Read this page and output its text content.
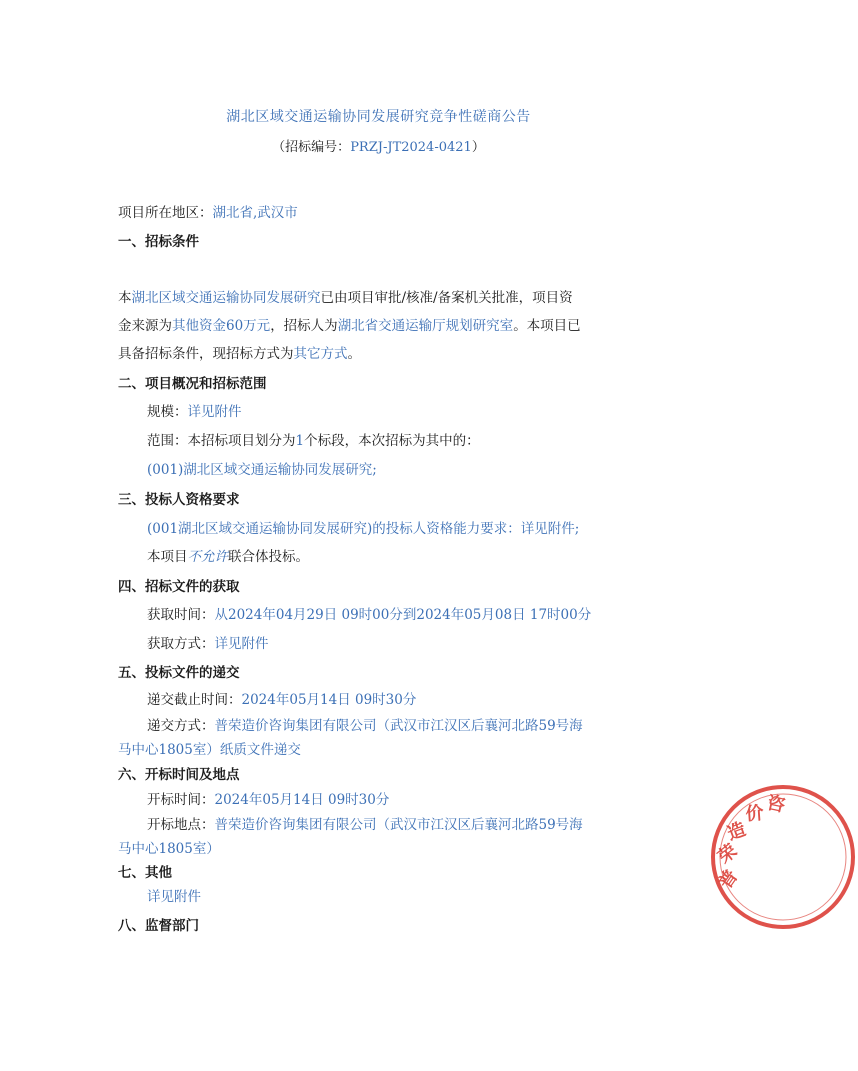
湖北区域交通运输协同发展研究竞争性磋商公告
（招标编号：PRZJ-JT2024-0421）
项目所在地区：湖北省,武汉市
一、招标条件
本湖北区域交通运输协同发展研究已由项目审批/核准/备案机关批准，项目资
金来源为其他资金60万元，招标人为湖北省交通运输厅规划研究室。本项目已
具备招标条件，现招标方式为其它方式。
二、项目概况和招标范围
规模：详见附件
范围：本招标项目划分为1个标段，本次招标为其中的：
(001)湖北区域交通运输协同发展研究;
三、投标人资格要求
(001湖北区域交通运输协同发展研究)的投标人资格能力要求：详见附件;
本项目不允许联合体投标。
四、招标文件的获取
获取时间：从2024年04月29日 09时00分到2024年05月08日 17时00分
获取方式：详见附件
五、投标文件的递交
递交截止时间：2024年05月14日 09时30分
递交方式：普荣造价咨询集团有限公司（武汉市江汉区后襄河北路59号海
马中心1805室）纸质文件递交
六、开标时间及地点
开标时间：2024年05月14日 09时30分
开标地点：普荣造价咨询集团有限公司（武汉市江汉区后襄河北路59号海
马中心1805室）
七、其他
详见附件
八、监督部门
普
荣
造
价 咨
